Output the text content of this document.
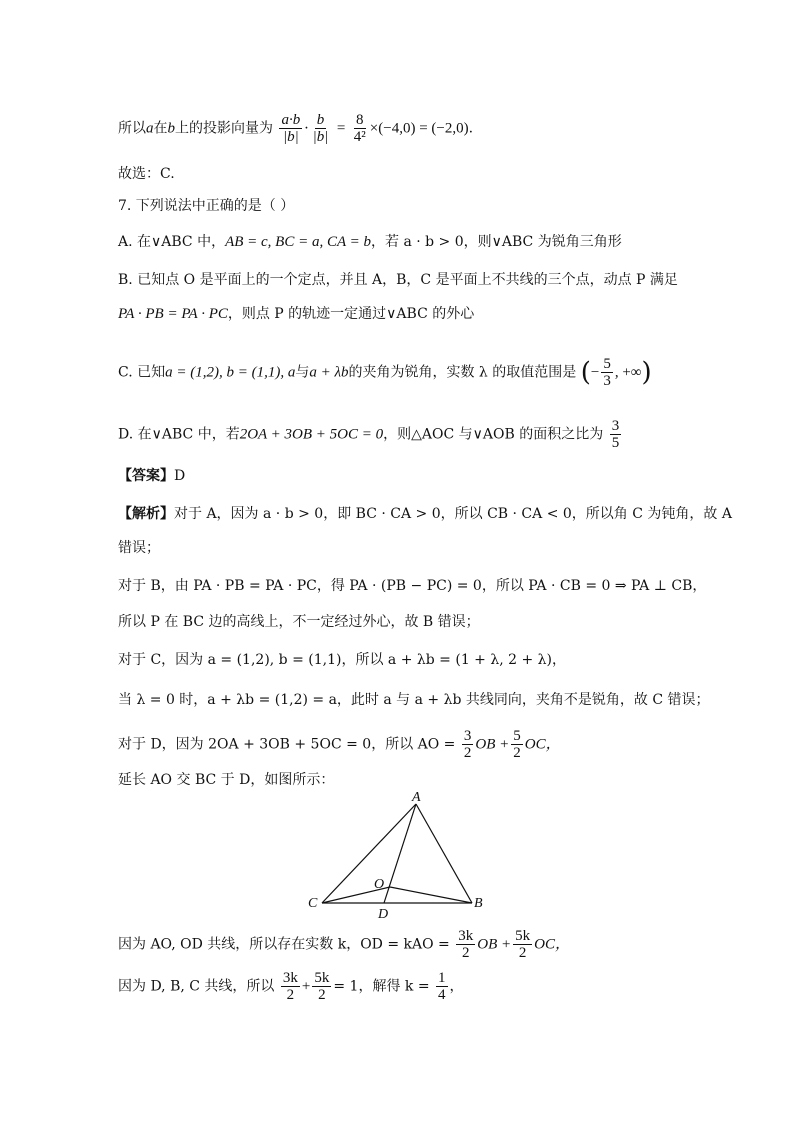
所以a在b上的投影向量为 $\frac{a\cdot b}{|b|} \cdot \frac{b}{|b|} = \frac{8}{\text{4²}} \times(-4,0) = (-2,0)$.
故选：C.
7. 下列说法中正确的是（ ）
A. 在∨ABC 中，AB = c, BC = a, CA = b，若 a · b > 0，则∨ABC 为锐角三角形
B. 已知点 O 是平面上的一个定点，并且 A，B，C 是平面上不共线的三个点，动点 P 满足
PA · PB = PA · PC，则点 P 的轨迹一定通过∨ABC 的外心
C. 已知a = (1,2), b = (1,1), a与a + λb的夹角为锐角，实数 λ 的取值范围是 (− $\frac{5}{3}$ , +∞)
D. 在∨ABC 中，若2OA + 3OB + 5OC = 0，则△AOC 与∨AOB 的面积之比为 $\frac{3}{5}$
【答案】D
【解析】对于 A，因为 a · b > 0，即 BC · CA > 0，所以 CB · CA < 0，所以角 C 为钝角，故 A
错误；
对于 B，由 PA · PB = PA · PC，得 PA · (PB − PC) = 0，所以 PA · CB = 0 ⇒ PA ⊥ CB，
所以 P 在 BC 边的高线上，不一定经过外心，故 B 错误；
对于 C，因为 a = (1,2), b = (1,1)，所以 a + λb = (1 + λ, 2 + λ)，
当 λ = 0 时，a + λb = (1,2) = a，此时 a 与 a + λb 共线同向，夹角不是锐角，故 C 错误；
对于 D，因为 2OA + 3OB + 5OC = 0，所以 AO = $\frac{3}{2}$ OB + $\frac{5}{2}$ OC，
延长 AO 交 BC 于 D，如图所示：
A
B
C
O
D
因为 AO, OD 共线，所以存在实数 k，OD = kAO = $\frac{3k}{2}$ OB + $\frac{5k}{2}$ OC，
因为 D, B, C 共线，所以 $\frac{3k}{2} + \frac{5k}{2} = 1$，解得 $k = \frac{1}{4}$ ，
